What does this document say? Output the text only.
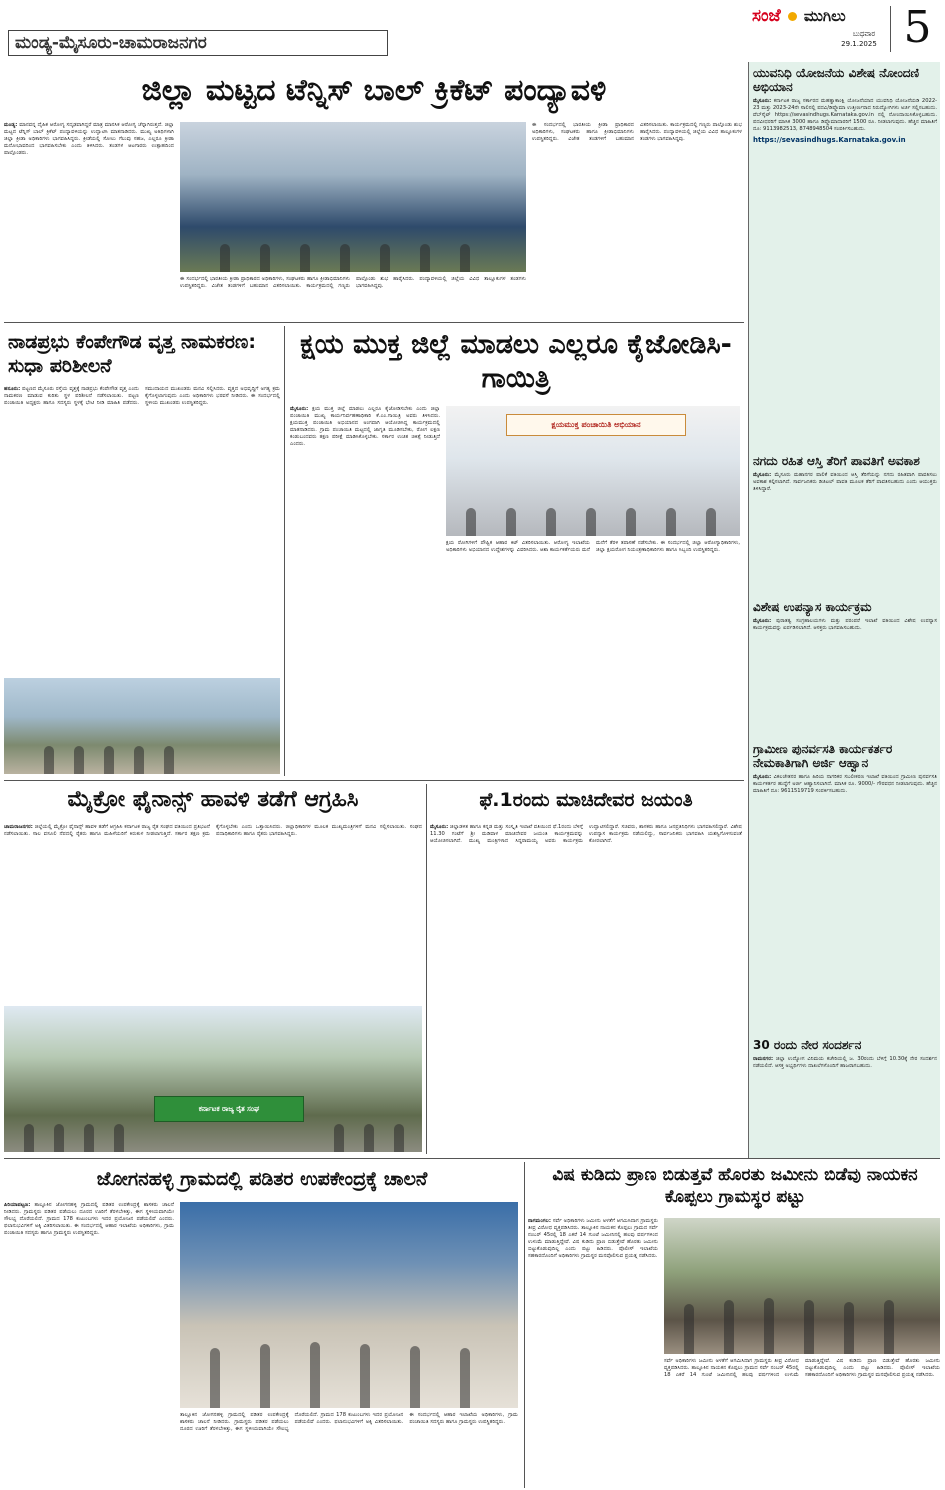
ಮಂಡ್ಯ-ಮೈಸೂರು-ಚಾಮರಾಜನಗರ
ಸಂಜೆ ಮುಗಿಲು
ಬುಧವಾರ
29.1.2025 5
ಜಿಲ್ಲಾ ಮಟ್ಟದ ಟೆನ್ನಿಸ್ ಬಾಲ್ ಕ್ರಿಕೆಟ್ ಪಂದ್ಯಾವಳಿ

ಮಂಡ್ಯ: ಮಾನವನ್ನ ದೈಹಿಕ ಆರೋಗ್ಯ ಸದೃಢವಾಗಿದ್ದರೆ ಮಾತ್ರ ಮಾನಸಿಕ ಆರೋಗ್ಯ ಚೆನ್ನಾಗಿರುತ್ತದೆ. ಜಿಲ್ಲಾ ಮಟ್ಟದ ಟೆನ್ನಿಸ್ ಬಾಲ್ ಕ್ರಿಕೆಟ್ ಪಂದ್ಯಾವಳಿಯನ್ನು ಉದ್ಘಾಟಿಸಿ ಮಾತನಾಡಿದರು. ಮುಖ್ಯ ಅತಿಥಿಗಳಾಗಿ ಜಿಲ್ಲಾ ಕ್ರೀಡಾ ಅಧಿಕಾರಿಗಳು ಭಾಗವಹಿಸಿದ್ದರು. ಕ್ರೀಡೆಯಲ್ಲಿ ಸೋಲು ಗೆಲುವು ಸಹಜ, ಎಲ್ಲರೂ ಕ್ರೀಡಾ ಮನೋಭಾವದಿಂದ ಭಾಗವಹಿಸಬೇಕು ಎಂದು ತಿಳಿಸಿದರು. ತಂಡಗಳ ಆಟಗಾರರು ಉತ್ಸಾಹದಿಂದ ಪಾಲ್ಗೊಂಡರು.

ಈ ಸಂದರ್ಭದಲ್ಲಿ ಭಾರತೀಯ ಕ್ರೀಡಾ ಪ್ರಾಧಿಕಾರದ ಅಧಿಕಾರಿಗಳು, ಸಂಘಟಕರು ಹಾಗೂ ಕ್ರೀಡಾಭಿಮಾನಿಗಳು ಉಪಸ್ಥಿತರಿದ್ದರು. ವಿಜೇತ ತಂಡಗಳಿಗೆ ಬಹುಮಾನ ವಿತರಿಸಲಾಯಿತು. ಕಾರ್ಯಕ್ರಮದಲ್ಲಿ ಗಣ್ಯರು ಪಾಲ್ಗೊಂಡು ಶುಭ ಹಾರೈಸಿದರು. ಪಂದ್ಯಾವಳಿಯಲ್ಲಿ ಜಿಲ್ಲೆಯ ವಿವಿಧ ತಾಲ್ಲೂಕುಗಳ ತಂಡಗಳು ಭಾಗವಹಿಸಿದ್ದವು.

ಈ ಸಂದರ್ಭದಲ್ಲಿ ಭಾರತೀಯ ಕ್ರೀಡಾ ಪ್ರಾಧಿಕಾರದ ಅಧಿಕಾರಿಗಳು, ಸಂಘಟಕರು ಹಾಗೂ ಕ್ರೀಡಾಭಿಮಾನಿಗಳು ಉಪಸ್ಥಿತರಿದ್ದರು. ವಿಜೇತ ತಂಡಗಳಿಗೆ ಬಹುಮಾನ ವಿತರಿಸಲಾಯಿತು. ಕಾರ್ಯಕ್ರಮದಲ್ಲಿ ಗಣ್ಯರು ಪಾಲ್ಗೊಂಡು ಶುಭ ಹಾರೈಸಿದರು. ಪಂದ್ಯಾವಳಿಯಲ್ಲಿ ಜಿಲ್ಲೆಯ ವಿವಿಧ ತಾಲ್ಲೂಕುಗಳ ತಂಡಗಳು ಭಾಗವಹಿಸಿದ್ದವು.

ಯುವನಿಧಿ ಯೋಜನೆಯ ವಿಶೇಷ ನೋಂದಣಿ ಅಭಿಯಾನ

ಮೈಸೂರು: ಕರ್ನಾಟಕ ರಾಜ್ಯ ಸರ್ಕಾರದ ಮಹತ್ವಾಕಾಂಕ್ಷಿ ಯೋಜನೆಯಾದ ಯುವನಿಧಿ ಯೋಜನೆಯಡಿ 2022-23 ಮತ್ತು 2023-24ನೇ ಸಾಲಿನಲ್ಲಿ ಪದವಿ/ಡಿಪ್ಲೊಮಾ ಉತ್ತೀರ್ಣರಾದ ನಿರುದ್ಯೋಗಿಗಳು ಅರ್ಜಿ ಸಲ್ಲಿಸಬಹುದು. ವೆಬ್‌ಸೈಟ್ https://sevasindhugs.Karnataka.gov.in ನಲ್ಲಿ ನೋಂದಾಯಿಸಿಕೊಳ್ಳಬಹುದು. ಪದವೀಧರರಿಗೆ ಮಾಸಿಕ 3000 ಹಾಗೂ ಡಿಪ್ಲೊಮಾದಾರರಿಗೆ 1500 ರೂ. ನೀಡಲಾಗುವುದು. ಹೆಚ್ಚಿನ ಮಾಹಿತಿಗೆ ದೂ: 9113982513, 8748948504 ಸಂಪರ್ಕಿಸಬಹುದು.

https://sevasindhugs.Karnataka.gov.in
ನಗದು ರಹಿತ ಆಸ್ತಿ ತೆರಿಗೆ ಪಾವತಿಗೆ ಅವಕಾಶ

ಮೈಸೂರು: ಮೈಸೂರು ಮಹಾನಗರ ಪಾಲಿಕೆ ವತಿಯಿಂದ ಆಸ್ತಿ ತೆರಿಗೆಯನ್ನು ನಗದು ರಹಿತವಾಗಿ ಪಾವತಿಸಲು ಅವಕಾಶ ಕಲ್ಪಿಸಲಾಗಿದೆ. ಸಾರ್ವಜನಿಕರು ಡಿಜಿಟಲ್ ಪಾವತಿ ಮೂಲಕ ತೆರಿಗೆ ಪಾವತಿಸಬಹುದು ಎಂದು ಆಯುಕ್ತರು ತಿಳಿಸಿದ್ದಾರೆ.

ವಿಶೇಷ ಉಪನ್ಯಾಸ ಕಾರ್ಯಕ್ರಮ

ಮೈಸೂರು: ಪುರಾತತ್ವ ಸಂಗ್ರಹಾಲಯಗಳು ಮತ್ತು ಪರಂಪರೆ ಇಲಾಖೆ ವತಿಯಿಂದ ವಿಶೇಷ ಉಪನ್ಯಾಸ ಕಾರ್ಯಕ್ರಮವನ್ನು ಏರ್ಪಡಿಸಲಾಗಿದೆ. ಆಸಕ್ತರು ಭಾಗವಹಿಸಬಹುದು.

ಗ್ರಾಮೀಣ ಪುನರ್ವಸತಿ ಕಾರ್ಯಕರ್ತರ ನೇಮಕಾತಿಗಾಗಿ ಅರ್ಜಿ ಆಹ್ವಾನ

ಮೈಸೂರು: ವಿಕಲಚೇತನರ ಹಾಗೂ ಹಿರಿಯ ನಾಗರಿಕರ ಸಬಲೀಕರಣ ಇಲಾಖೆ ವತಿಯಿಂದ ಗ್ರಾಮೀಣ ಪುನರ್ವಸತಿ ಕಾರ್ಯಕರ್ತರ ಹುದ್ದೆಗೆ ಅರ್ಜಿ ಆಹ್ವಾನಿಸಲಾಗಿದೆ. ಮಾಸಿಕ ರೂ. 9000/- ಗೌರವಧನ ನೀಡಲಾಗುವುದು. ಹೆಚ್ಚಿನ ಮಾಹಿತಿಗೆ ದೂ: 9611519719 ಸಂಪರ್ಕಿಸಬಹುದು.

30 ರಂದು ನೇರ ಸಂದರ್ಶನ

ರಾಮನಗರ: ಜಿಲ್ಲಾ ಉದ್ಯೋಗ ವಿನಿಮಯ ಕಚೇರಿಯಲ್ಲಿ ಜ. 30ರಂದು ಬೆಳಿಗ್ಗೆ 10.30ಕ್ಕೆ ನೇರ ಸಂದರ್ಶನ ನಡೆಯಲಿದೆ. ಆಸಕ್ತ ಅಭ್ಯರ್ಥಿಗಳು ದಾಖಲೆಗಳೊಂದಿಗೆ ಹಾಜರಾಗಬಹುದು.

ನಾಡಪ್ರಭು ಕೆಂಪೇಗೌಡ ವೃತ್ತ ನಾಮಕರಣ: ಸುಧಾ ಪರಿಶೀಲನೆ

ಹನೂರು: ಪಟ್ಟಣದ ಮೈಸೂರು ರಸ್ತೆಯ ವೃತ್ತಕ್ಕೆ ನಾಡಪ್ರಭು ಕೆಂಪೇಗೌಡ ವೃತ್ತ ಎಂದು ನಾಮಕರಣ ಮಾಡುವ ಕುರಿತು ಸ್ಥಳ ಪರಿಶೀಲನೆ ನಡೆಸಲಾಯಿತು. ಪಟ್ಟಣ ಪಂಚಾಯಿತಿ ಅಧ್ಯಕ್ಷರು ಹಾಗೂ ಸದಸ್ಯರು ಸ್ಥಳಕ್ಕೆ ಭೇಟಿ ನೀಡಿ ಮಾಹಿತಿ ಪಡೆದರು. ಸಮುದಾಯದ ಮುಖಂಡರು ಮನವಿ ಸಲ್ಲಿಸಿದರು. ವೃತ್ತದ ಅಭಿವೃದ್ಧಿಗೆ ಅಗತ್ಯ ಕ್ರಮ ಕೈಗೊಳ್ಳಲಾಗುವುದು ಎಂದು ಅಧಿಕಾರಿಗಳು ಭರವಸೆ ನೀಡಿದರು. ಈ ಸಂದರ್ಭದಲ್ಲಿ ಸ್ಥಳೀಯ ಮುಖಂಡರು ಉಪಸ್ಥಿತರಿದ್ದರು.

ಕ್ಷಯ ಮುಕ್ತ ಜಿಲ್ಲೆ ಮಾಡಲು ಎಲ್ಲರೂ ಕೈಜೋಡಿಸಿ-ಗಾಯಿತ್ರಿ

ಮೈಸೂರು: ಕ್ಷಯ ಮುಕ್ತ ಜಿಲ್ಲೆ ಮಾಡಲು ಎಲ್ಲರೂ ಕೈಜೋಡಿಸಬೇಕು ಎಂದು ಜಿಲ್ಲಾ ಪಂಚಾಯಿತಿ ಮುಖ್ಯ ಕಾರ್ಯನಿರ್ವಹಣಾಧಿಕಾರಿ ಕೆ.ಎಂ.ಗಾಯಿತ್ರಿ ಅವರು ತಿಳಿಸಿದರು. ಕ್ಷಯಮುಕ್ತ ಪಂಚಾಯಿತಿ ಅಭಿಯಾನದ ಅಂಗವಾಗಿ ಆಯೋಜಿಸಿದ್ದ ಕಾರ್ಯಕ್ರಮದಲ್ಲಿ ಮಾತನಾಡಿದರು. ಗ್ರಾಮ ಪಂಚಾಯಿತಿ ಮಟ್ಟದಲ್ಲಿ ಜಾಗೃತಿ ಮೂಡಿಸಬೇಕು, ರೋಗ ಲಕ್ಷಣ ಕಂಡುಬಂದವರು ತಕ್ಷಣ ಪರೀಕ್ಷೆ ಮಾಡಿಸಿಕೊಳ್ಳಬೇಕು. ಸರ್ಕಾರ ಉಚಿತ ಚಿಕಿತ್ಸೆ ನೀಡುತ್ತಿದೆ ಎಂದರು.

ಕ್ಷಯಮುಕ್ತ ಪಂಚಾಯಿತಿ ಅಭಿಯಾನ

ಕ್ಷಯ ರೋಗಿಗಳಿಗೆ ಪೌಷ್ಟಿಕ ಆಹಾರ ಕಿಟ್ ವಿತರಿಸಲಾಯಿತು. ಆರೋಗ್ಯ ಇಲಾಖೆಯ ಅಧಿಕಾರಿಗಳು ಅಭಿಯಾನದ ಉದ್ದೇಶಗಳನ್ನು ವಿವರಿಸಿದರು. ಆಶಾ ಕಾರ್ಯಕರ್ತೆಯರು ಮನೆ ಮನೆಗೆ ತೆರಳಿ ತಪಾಸಣೆ ನಡೆಸಬೇಕು. ಈ ಸಂದರ್ಭದಲ್ಲಿ ಜಿಲ್ಲಾ ಆರೋಗ್ಯಾಧಿಕಾರಿಗಳು, ಜಿಲ್ಲಾ ಕ್ಷಯರೋಗ ನಿಯಂತ್ರಣಾಧಿಕಾರಿಗಳು ಹಾಗೂ ಸಿಬ್ಬಂದಿ ಉಪಸ್ಥಿತರಿದ್ದರು.

ಮೈಕ್ರೋ ಫೈನಾನ್ಸ್ ಹಾವಳಿ ತಡೆಗೆ ಆಗ್ರಹಿಸಿ

ಚಾಮರಾಜನಗರ: ಜಿಲ್ಲೆಯಲ್ಲಿ ಮೈಕ್ರೋ ಫೈನಾನ್ಸ್ ಹಾವಳಿ ತಡೆಗೆ ಆಗ್ರಹಿಸಿ ಕರ್ನಾಟಕ ರಾಜ್ಯ ರೈತ ಸಂಘದ ವತಿಯಿಂದ ಪ್ರತಿಭಟನೆ ನಡೆಸಲಾಯಿತು. ಸಾಲ ವಸೂಲಿ ನೆಪದಲ್ಲಿ ರೈತರು ಹಾಗೂ ಮಹಿಳೆಯರಿಗೆ ಕಿರುಕುಳ ನೀಡಲಾಗುತ್ತಿದೆ. ಸರ್ಕಾರ ತಕ್ಷಣ ಕ್ರಮ ಕೈಗೊಳ್ಳಬೇಕು ಎಂದು ಒತ್ತಾಯಿಸಿದರು. ಜಿಲ್ಲಾಧಿಕಾರಿಗಳ ಮೂಲಕ ಮುಖ್ಯಮಂತ್ರಿಗಳಿಗೆ ಮನವಿ ಸಲ್ಲಿಸಲಾಯಿತು. ಸಂಘದ ಪದಾಧಿಕಾರಿಗಳು ಹಾಗೂ ರೈತರು ಭಾಗವಹಿಸಿದ್ದರು.

ಕರ್ನಾಟಕ ರಾಜ್ಯ ರೈತ ಸಂಘ
ಫೆ.1ರಂದು ಮಾಚಿದೇವರ ಜಯಂತಿ

ಮೈಸೂರು: ಜಿಲ್ಲಾಡಳಿತ ಹಾಗೂ ಕನ್ನಡ ಮತ್ತು ಸಂಸ್ಕೃತಿ ಇಲಾಖೆ ವತಿಯಿಂದ ಫೆ.1ರಂದು ಬೆಳಿಗ್ಗೆ 11.30 ಗಂಟೆಗೆ ಶ್ರೀ ಮಡಿವಾಳ ಮಾಚಿದೇವರ ಜಯಂತಿ ಕಾರ್ಯಕ್ರಮವನ್ನು ಆಯೋಜಿಸಲಾಗಿದೆ. ಮುಖ್ಯ ಮಂತ್ರಿಗಳಾದ ಸಿದ್ದರಾಮಯ್ಯ ಅವರು ಕಾರ್ಯಕ್ರಮ ಉದ್ಘಾಟಿಸಲಿದ್ದಾರೆ. ಸಚಿವರು, ಶಾಸಕರು ಹಾಗೂ ಜನಪ್ರತಿನಿಧಿಗಳು ಭಾಗವಹಿಸಲಿದ್ದಾರೆ. ವಿಶೇಷ ಉಪನ್ಯಾಸ ಕಾರ್ಯಕ್ರಮ ನಡೆಯಲಿದ್ದು, ಸಾರ್ವಜನಿಕರು ಭಾಗವಹಿಸಿ ಯಶಸ್ವಿಗೊಳಿಸುವಂತೆ ಕೋರಲಾಗಿದೆ.

ಜೋಗನಹಳ್ಳಿ ಗ್ರಾಮದಲ್ಲಿ ಪಡಿತರ ಉಪಕೇಂದ್ರಕ್ಕೆ ಚಾಲನೆ

ಪಿರಿಯಾಪಟ್ಟಣ: ತಾಲ್ಲೂಕಿನ ಜೋಗನಹಳ್ಳಿ ಗ್ರಾಮದಲ್ಲಿ ಪಡಿತರ ಉಪಕೇಂದ್ರಕ್ಕೆ ಶಾಸಕರು ಚಾಲನೆ ನೀಡಿದರು. ಗ್ರಾಮಸ್ಥರು ಪಡಿತರ ಪಡೆಯಲು ದೂರದ ಊರಿಗೆ ತೆರಳಬೇಕಿತ್ತು, ಈಗ ಸ್ಥಳೀಯವಾಗಿಯೇ ಸೌಲಭ್ಯ ದೊರೆಯಲಿದೆ. ಗ್ರಾಮದ 178 ಕುಟುಂಬಗಳು ಇದರ ಪ್ರಯೋಜನ ಪಡೆಯಲಿವೆ ಎಂದರು. ಫಲಾನುಭವಿಗಳಿಗೆ ಅಕ್ಕಿ ವಿತರಿಸಲಾಯಿತು. ಈ ಸಂದರ್ಭದಲ್ಲಿ ಆಹಾರ ಇಲಾಖೆಯ ಅಧಿಕಾರಿಗಳು, ಗ್ರಾಮ ಪಂಚಾಯಿತಿ ಸದಸ್ಯರು ಹಾಗೂ ಗ್ರಾಮಸ್ಥರು ಉಪಸ್ಥಿತರಿದ್ದರು.

ತಾಲ್ಲೂಕಿನ ಜೋಗನಹಳ್ಳಿ ಗ್ರಾಮದಲ್ಲಿ ಪಡಿತರ ಉಪಕೇಂದ್ರಕ್ಕೆ ಶಾಸಕರು ಚಾಲನೆ ನೀಡಿದರು. ಗ್ರಾಮಸ್ಥರು ಪಡಿತರ ಪಡೆಯಲು ದೂರದ ಊರಿಗೆ ತೆರಳಬೇಕಿತ್ತು, ಈಗ ಸ್ಥಳೀಯವಾಗಿಯೇ ಸೌಲಭ್ಯ ದೊರೆಯಲಿದೆ. ಗ್ರಾಮದ 178 ಕುಟುಂಬಗಳು ಇದರ ಪ್ರಯೋಜನ ಪಡೆಯಲಿವೆ ಎಂದರು. ಫಲಾನುಭವಿಗಳಿಗೆ ಅಕ್ಕಿ ವಿತರಿಸಲಾಯಿತು. ಈ ಸಂದರ್ಭದಲ್ಲಿ ಆಹಾರ ಇಲಾಖೆಯ ಅಧಿಕಾರಿಗಳು, ಗ್ರಾಮ ಪಂಚಾಯಿತಿ ಸದಸ್ಯರು ಹಾಗೂ ಗ್ರಾಮಸ್ಥರು ಉಪಸ್ಥಿತರಿದ್ದರು.

ವಿಷ ಕುಡಿದು ಪ್ರಾಣ ಬಿಡುತ್ತವೆ ಹೊರತು ಜಮೀನು ಬಿಡೆವು ನಾಯಕನ ಕೊಪ್ಪಲು ಗ್ರಾಮಸ್ಥರ ಪಟ್ಟು

ನಾಗಮಂಗಲ: ಸರ್ವೆ ಅಧಿಕಾರಿಗಳು ಜಮೀನು ಅಳತೆಗೆ ಆಗಮಿಸಿದಾಗ ಗ್ರಾಮಸ್ಥರು ತೀವ್ರ ವಿರೋಧ ವ್ಯಕ್ತಪಡಿಸಿದರು. ತಾಲ್ಲೂಕಿನ ನಾಯಕನ ಕೊಪ್ಪಲು ಗ್ರಾಮದ ಸರ್ವೆ ನಂಬರ್ 45ರಲ್ಲಿ 18 ಎಕರೆ 14 ಗುಂಟೆ ಜಮೀನಿನಲ್ಲಿ ಹಲವು ವರ್ಷಗಳಿಂದ ಉಳುಮೆ ಮಾಡುತ್ತಿದ್ದೇವೆ. ವಿಷ ಕುಡಿದು ಪ್ರಾಣ ಬಿಡುತ್ತೇವೆ ಹೊರತು ಜಮೀನು ಬಿಟ್ಟುಕೊಡುವುದಿಲ್ಲ ಎಂದು ಪಟ್ಟು ಹಿಡಿದರು. ಪೊಲೀಸ್ ಇಲಾಖೆಯ ಸಹಕಾರದೊಂದಿಗೆ ಅಧಿಕಾರಿಗಳು ಗ್ರಾಮಸ್ಥರ ಮನವೊಲಿಸುವ ಪ್ರಯತ್ನ ನಡೆಸಿದರು.

ಸರ್ವೆ ಅಧಿಕಾರಿಗಳು ಜಮೀನು ಅಳತೆಗೆ ಆಗಮಿಸಿದಾಗ ಗ್ರಾಮಸ್ಥರು ತೀವ್ರ ವಿರೋಧ ವ್ಯಕ್ತಪಡಿಸಿದರು. ತಾಲ್ಲೂಕಿನ ನಾಯಕನ ಕೊಪ್ಪಲು ಗ್ರಾಮದ ಸರ್ವೆ ನಂಬರ್ 45ರಲ್ಲಿ 18 ಎಕರೆ 14 ಗುಂಟೆ ಜಮೀನಿನಲ್ಲಿ ಹಲವು ವರ್ಷಗಳಿಂದ ಉಳುಮೆ ಮಾಡುತ್ತಿದ್ದೇವೆ. ವಿಷ ಕುಡಿದು ಪ್ರಾಣ ಬಿಡುತ್ತೇವೆ ಹೊರತು ಜಮೀನು ಬಿಟ್ಟುಕೊಡುವುದಿಲ್ಲ ಎಂದು ಪಟ್ಟು ಹಿಡಿದರು. ಪೊಲೀಸ್ ಇಲಾಖೆಯ ಸಹಕಾರದೊಂದಿಗೆ ಅಧಿಕಾರಿಗಳು ಗ್ರಾಮಸ್ಥರ ಮನವೊಲಿಸುವ ಪ್ರಯತ್ನ ನಡೆಸಿದರು.
